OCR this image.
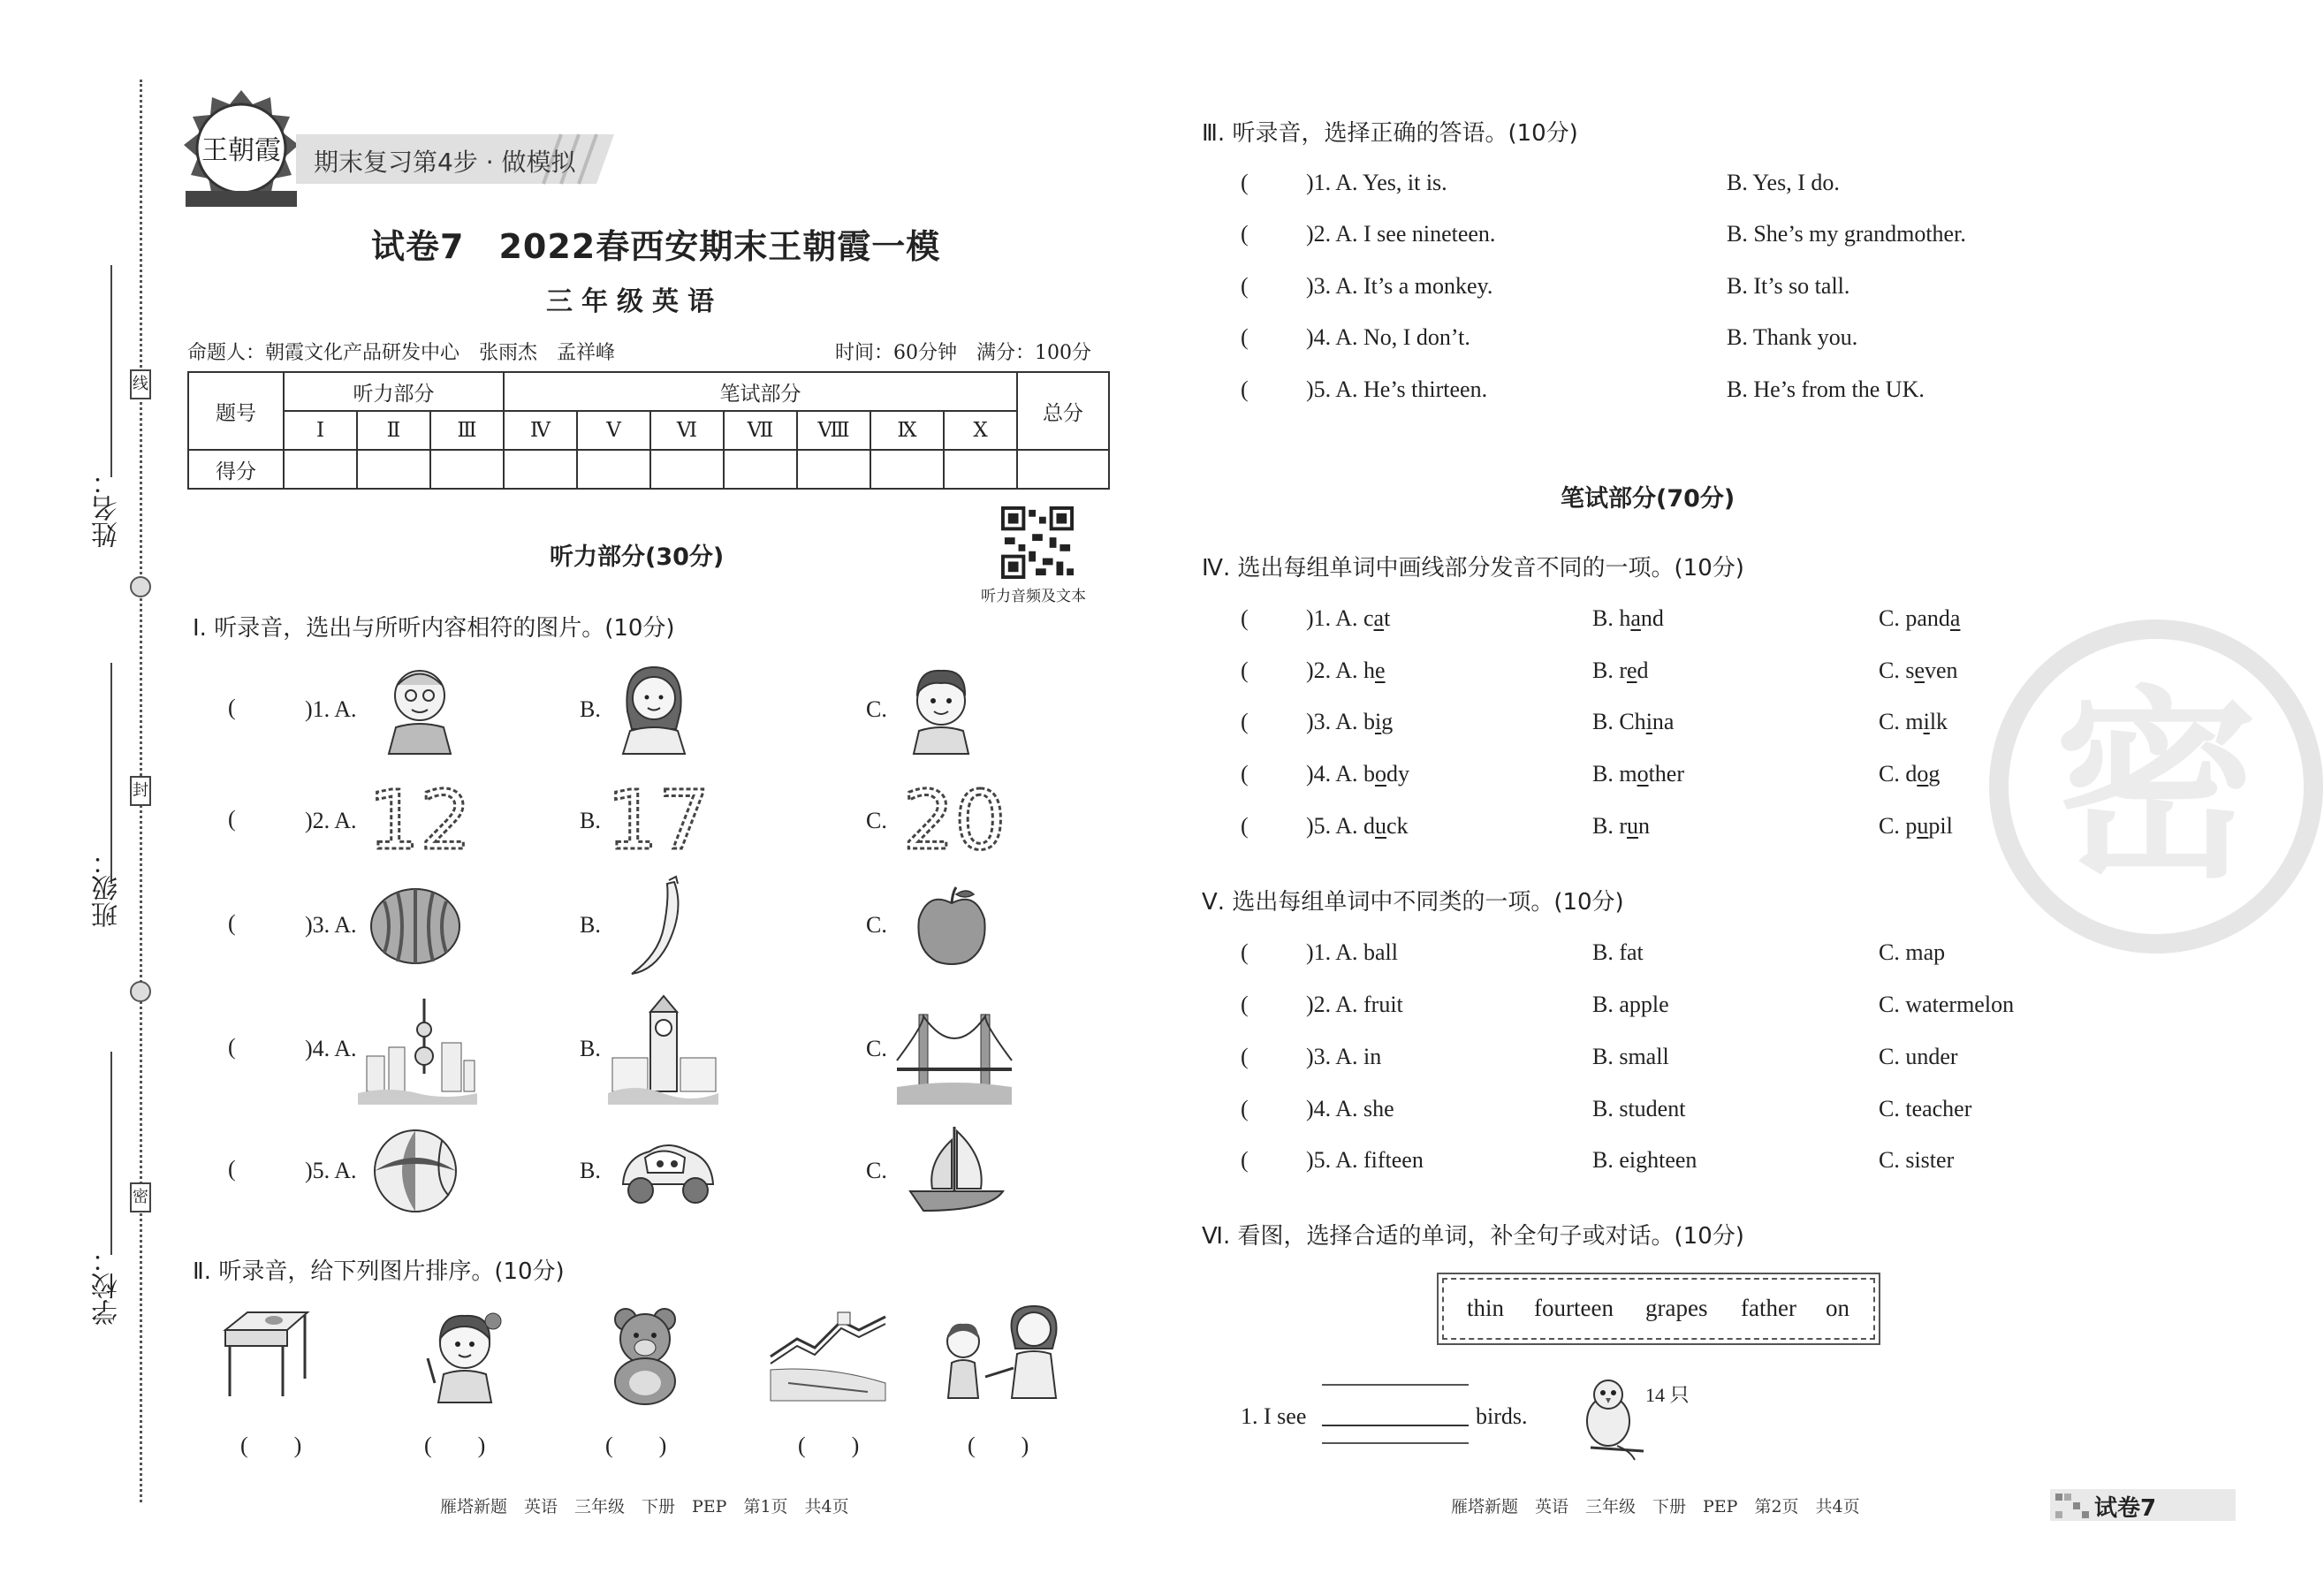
姓名：
班级：
学校：
线
封
密
王朝霞 期末复习第4步 · 做模拟
试卷7　2022春西安期末王朝霞一模
三年级英语
命题人：朝霞文化产品研发中心　张雨杰　孟祥峰	时间：60分钟　满分：100分
题号	听力部分			笔试部分							总分
	Ⅰ	Ⅱ	Ⅲ	Ⅳ	Ⅴ	Ⅵ	Ⅶ	Ⅷ	Ⅸ	Ⅹ	
得分											
听力部分(30分)
听力音频及文本
Ⅰ. 听录音，选出与所听内容相符的图片。(10分)
(	)1. A.	B.	C.
(	)2. A.	B.	C.
(	)3. A.	B.	C.
(	)4. A.	B.	C.
(	)5. A.	B.	C.
12 17 20
Ⅱ. 听录音，给下列图片排序。(10分)
(　　)	(　　)	(　　)	(　　)	(　　)
雁塔新题　英语　三年级　下册　PEP　第1页　共4页
Ⅲ. 听录音，选择正确的答语。(10分)
(	)1. A. Yes, it is.	B. Yes, I do.
(	)2. A. I see nineteen.	B. She’s my grandmother.
(	)3. A. It’s a monkey.	B. It’s so tall.
(	)4. A. No, I don’t.	B. Thank you.
(	)5. A. He’s thirteen.	B. He’s from the UK.
笔试部分(70分)
密
Ⅳ. 选出每组单词中画线部分发音不同的一项。(10分)
(	)1. A. cat	B. hand	C. panda
(	)2. A. he	B. red	C. seven
(	)3. A. big	B. China	C. milk
(	)4. A. body	B. mother	C. dog
(	)5. A. duck	B. run	C. pupil
Ⅴ. 选出每组单词中不同类的一项。(10分)
(	)1. A. ball	B. fat	C. map
(	)2. A. fruit	B. apple	C. watermelon
(	)3. A. in	B. small	C. under
(	)4. A. she	B. student	C. teacher
(	)5. A. fifteen	B. eighteen	C. sister
Ⅵ. 看图，选择合适的单词，补全句子或对话。(10分)
thin fourteen grapes father on
1. I see	birds.
14 只
雁塔新题　英语　三年级　下册　PEP　第2页　共4页	试卷7
